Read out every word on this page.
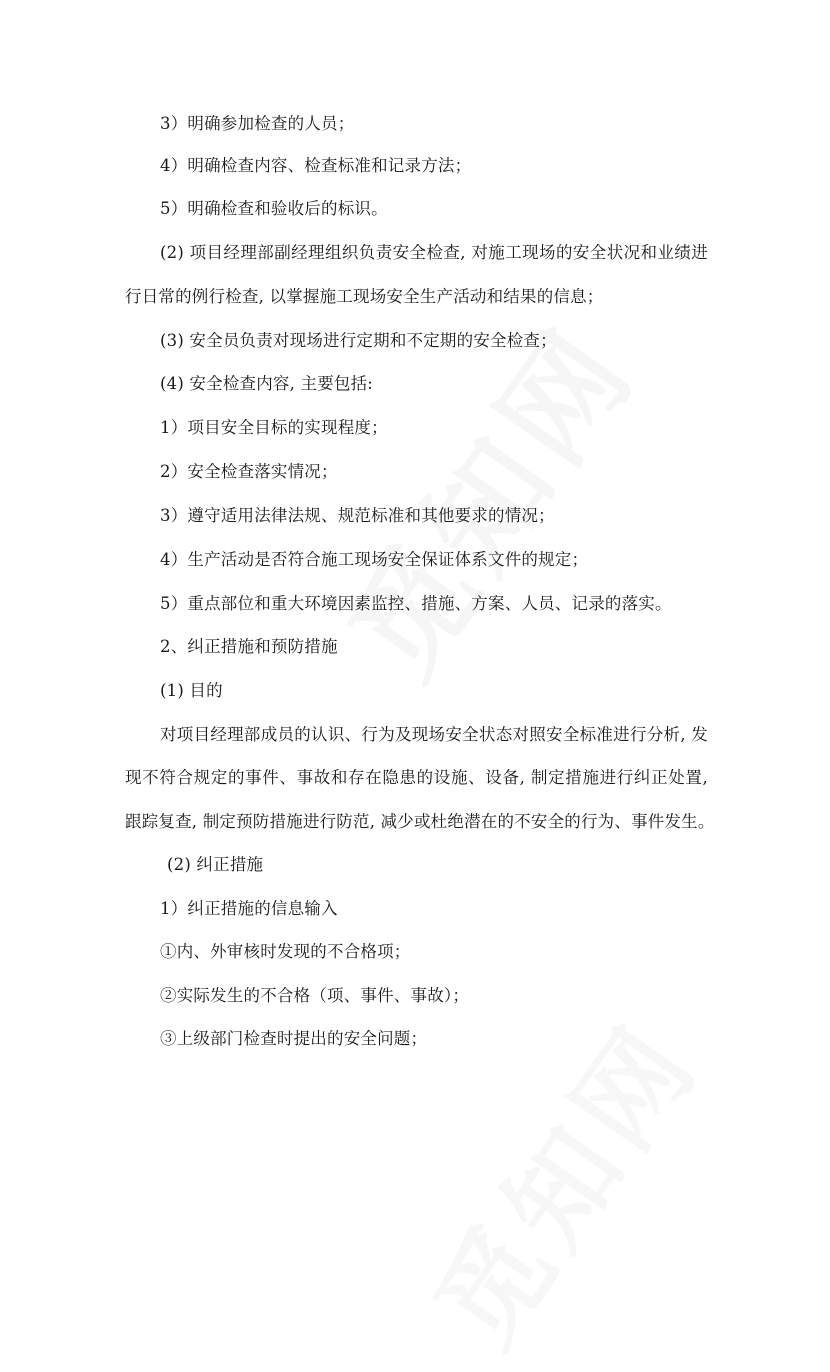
3）明确参加检查的人员；
4）明确检查内容、检查标准和记录方法；
5）明确检查和验收后的标识。
(2) 项目经理部副经理组织负责安全检查, 对施工现场的安全状况和业绩进
行日常的例行检查, 以掌握施工现场安全生产活动和结果的信息；
(3) 安全员负责对现场进行定期和不定期的安全检查；
(4) 安全检查内容, 主要包括:
1）项目安全目标的实现程度；
2）安全检查落实情况；
3）遵守适用法律法规、规范标准和其他要求的情况；
4）生产活动是否符合施工现场安全保证体系文件的规定；
5）重点部位和重大环境因素监控、措施、方案、人员、记录的落实。
2、纠正措施和预防措施
(1) 目的
对项目经理部成员的认识、行为及现场安全状态对照安全标准进行分析, 发
现不符合规定的事件、事故和存在隐患的设施、设备, 制定措施进行纠正处置,
跟踪复查, 制定预防措施进行防范, 减少或杜绝潜在的不安全的行为、事件发生。
(2) 纠正措施
1）纠正措施的信息输入
①内、外审核时发现的不合格项；
②实际发生的不合格（项、事件、事故）；
③上级部门检查时提出的安全问题；
